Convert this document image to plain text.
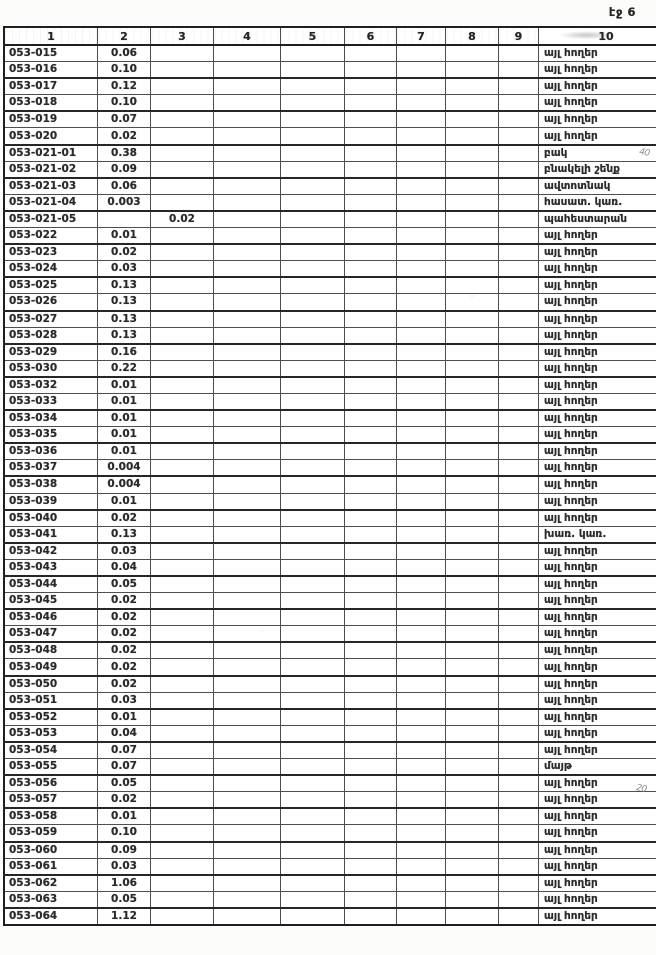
էջ 6
1	2	3	4	5	6	7	8	9	10
053-015	0.06								այլ հողեր
053-016	0.10								այլ հողեր
053-017	0.12								այլ հողեր
053-018	0.10								այլ հողեր
053-019	0.07								այլ հողեր
053-020	0.02								այլ հողեր
053-021-01	0.38								բակ
053-021-02	0.09								բնակելի շենք
053-021-03	0.06								ավտոտնակ
053-021-04	0.003								հասատ. կառ.
053-021-05		0.02							պահեստարան
053-022	0.01								այլ հողեր
053-023	0.02								այլ հողեր
053-024	0.03								այլ հողեր
053-025	0.13								այլ հողեր
053-026	0.13								այլ հողեր
053-027	0.13								այլ հողեր
053-028	0.13								այլ հողեր
053-029	0.16								այլ հողեր
053-030	0.22								այլ հողեր
053-032	0.01								այլ հողեր
053-033	0.01								այլ հողեր
053-034	0.01								այլ հողեր
053-035	0.01								այլ հողեր
053-036	0.01								այլ հողեր
053-037	0.004								այլ հողեր
053-038	0.004								այլ հողեր
053-039	0.01								այլ հողեր
053-040	0.02								այլ հողեր
053-041	0.13								խառ. կառ.
053-042	0.03								այլ հողեր
053-043	0.04								այլ հողեր
053-044	0.05								այլ հողեր
053-045	0.02								այլ հողեր
053-046	0.02								այլ հողեր
053-047	0.02								այլ հողեր
053-048	0.02								այլ հողեր
053-049	0.02								այլ հողեր
053-050	0.02								այլ հողեր
053-051	0.03								այլ հողեր
053-052	0.01								այլ հողեր
053-053	0.04								այլ հողեր
053-054	0.07								այլ հողեր
053-055	0.07								մայթ
053-056	0.05								այլ հողեր
053-057	0.02								այլ հողեր
053-058	0.01								այլ հողեր
053-059	0.10								այլ հողեր
053-060	0.09								այլ հողեր
053-061	0.03								այլ հողեր
053-062	1.06								այլ հողեր
053-063	0.05								այլ հողեր
053-064	1.12								այլ հողեր
40
20
